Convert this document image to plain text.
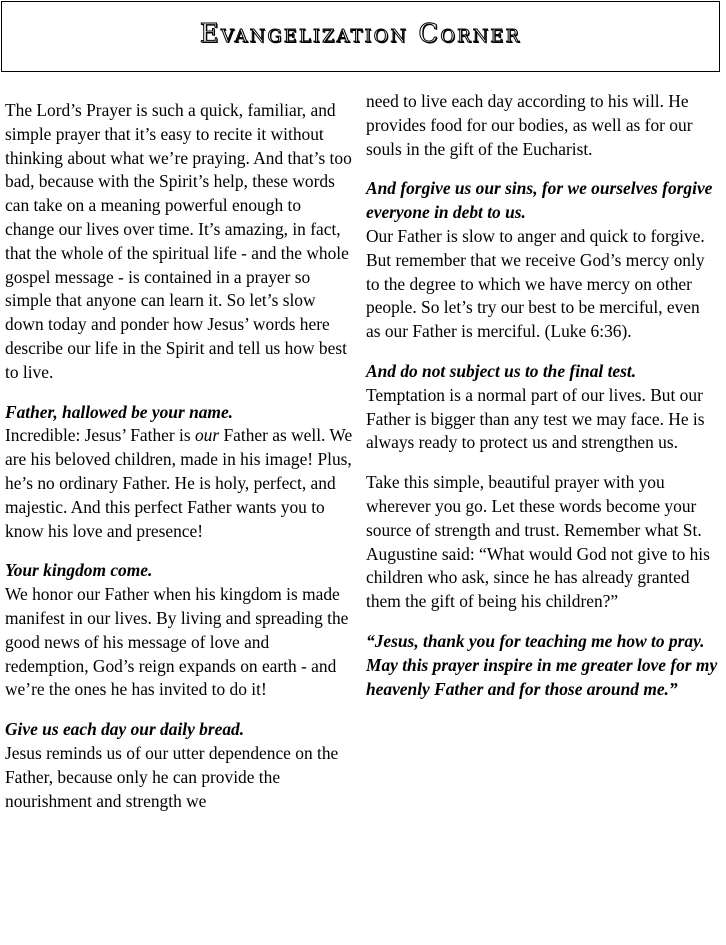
Evangelization Corner

The Lord’s Prayer is such a quick, familiar, and simple prayer that it’s easy to recite it without thinking about what we’re praying. And that’s too bad, because with the Spirit’s help, these words can take on a meaning powerful enough to change our lives over time. It’s amazing, in fact, that the whole of the spiritual life - and the whole gospel message - is contained in a prayer so simple that anyone can learn it. So let’s slow down today and ponder how Jesus’ words here describe our life in the Spirit and tell us how best to live.

Father, hallowed be your name.
Incredible: Jesus’ Father is our Father as well. We are his beloved children, made in his image! Plus, he’s no ordinary Father. He is holy, perfect, and majestic. And this perfect Father wants you to know his love and presence!
Your kingdom come.
We honor our Father when his kingdom is made manifest in our lives. By living and spreading the good news of his message of love and redemption, God’s reign expands on earth - and we’re the ones he has invited to do it!
Give us each day our daily bread.
Jesus reminds us of our utter dependence on the Father, because only he can provide the nourishment and strength we

need to live each day according to his will. He provides food for our bodies, as well as for our souls in the gift of the Eucharist.

And forgive us our sins, for we ourselves forgive everyone in debt to us.
Our Father is slow to anger and quick to forgive. But remember that we receive God’s mercy only to the degree to which we have mercy on other people. So let’s try our best to be merciful, even as our Father is merciful. (Luke 6:36).
And do not subject us to the final test.
Temptation is a normal part of our lives. But our Father is bigger than any test we may face. He is always ready to protect us and strengthen us.

Take this simple, beautiful prayer with you wherever you go. Let these words become your source of strength and trust. Remember what St. Augustine said: “What would God not give to his children who ask, since he has already granted them the gift of being his children?”

“Jesus, thank you for teaching me how to pray. May this prayer inspire in me greater love for my heavenly Father and for those around me.”
